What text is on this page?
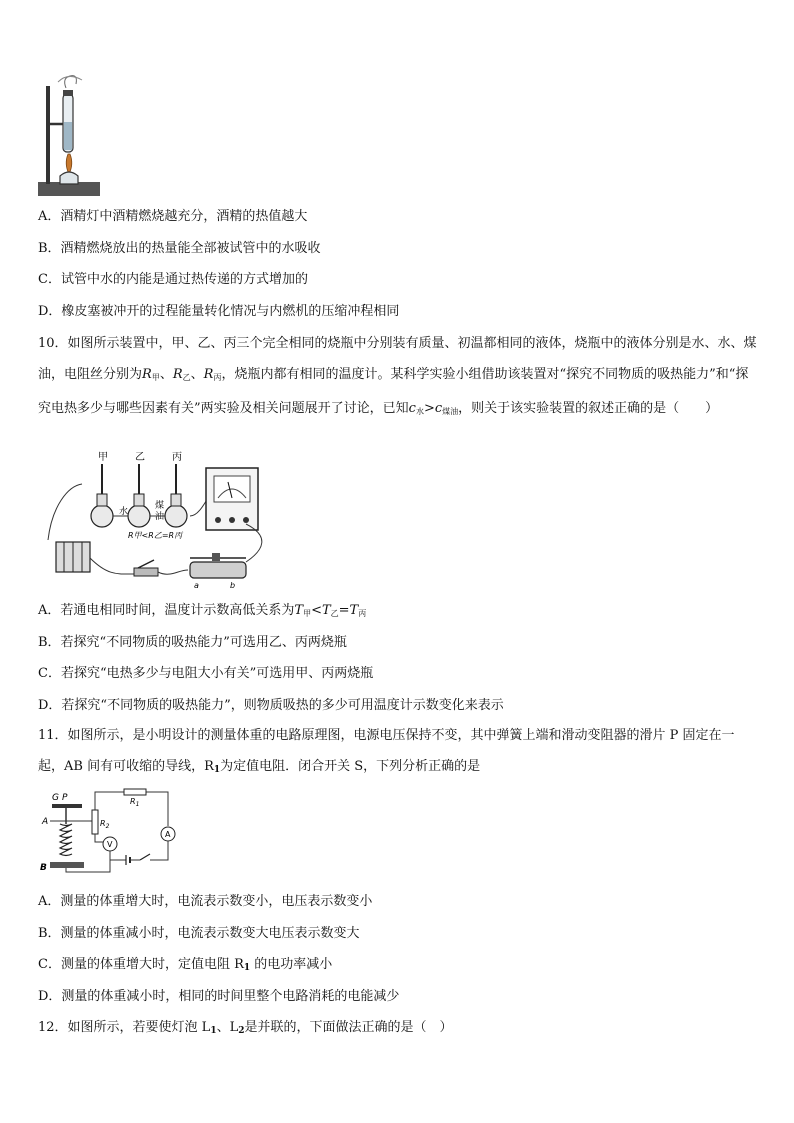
A．酒精灯中酒精燃烧越充分，酒精的热值越大
B．酒精燃烧放出的热量能全部被试管中的水吸收
C．试管中水的内能是通过热传递的方式增加的
D．橡皮塞被冲开的过程能量转化情况与内燃机的压缩冲程相同
10．如图所示装置中，甲、乙、丙三个完全相同的烧瓶中分别装有质量、初温都相同的液体，烧瓶中的液体分别是水、水、煤油，电阻丝分别为$R_甲$、$R_乙$、$R_丙$，烧瓶内都有相同的温度计。某科学实验小组借助该装置对“探究不同物质的吸热能力”和“探究电热多少与哪些因素有关”两实验及相关问题展开了讨论，已知$c_水>c_{煤油}$，则关于该实验装置的叙述正确的是（　　）
甲	乙	丙
水
煤
油
R甲<R乙=R丙
a	b
A．若通电相同时间，温度计示数高低关系为$T_甲<T_乙=T_丙$
B．若探究“不同物质的吸热能力”可选用乙、丙两烧瓶
C．若探究“电热多少与电阻大小有关”可选用甲、丙两烧瓶
D．若探究“不同物质的吸热能力”，则物质吸热的多少可用温度计示数变化来表示
11．如图所示，是小明设计的测量体重的电路原理图，电源电压保持不变，其中弹簧上端和滑动变阻器的滑片 P 固定在一起，AB 间有可收缩的导线，R1为定值电阻．闭合开关 S，下列分析正确的是
G P
A
B
$R_2$
$R_1$
V
A
A．测量的体重增大时，电流表示数变小，电压表示数变小
B．测量的体重减小时，电流表示数变大电压表示数变大
C．测量的体重增大时，定值电阻 R1 的电功率减小
D．测量的体重减小时，相同的时间里整个电路消耗的电能减少
12．如图所示，若要使灯泡 L1、L2是并联的，下面做法正确的是（　）
